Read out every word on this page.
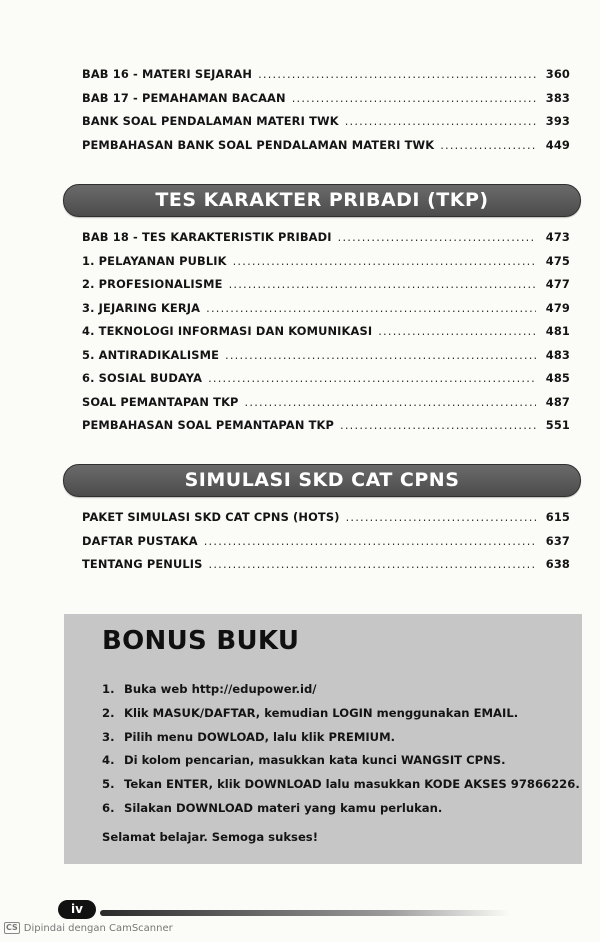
BAB 16 - MATERI SEJARAH .....	360
BAB 17 - PEMAHAMAN BACAAN .....	383
BANK SOAL PENDALAMAN MATERI TWK .....	393
PEMBAHASAN BANK SOAL PENDALAMAN MATERI TWK .....	449
TES KARAKTER PRIBADI (TKP)
BAB 18 - TES KARAKTERISTIK PRIBADI .....	473
1. PELAYANAN PUBLIK .....	475
2. PROFESIONALISME .....	477
3. JEJARING KERJA .....	479
4. TEKNOLOGI INFORMASI DAN KOMUNIKASI .....	481
5. ANTIRADIKALISME .....	483
6. SOSIAL BUDAYA .....	485
SOAL PEMANTAPAN TKP .....	487
PEMBAHASAN SOAL PEMANTAPAN TKP .....	551
SIMULASI SKD CAT CPNS
PAKET SIMULASI SKD CAT CPNS (HOTS) .....	615
DAFTAR PUSTAKA .....	637
TENTANG PENULIS .....	638
BONUS BUKU
1. Buka web http://edupower.id/
2. Klik MASUK/DAFTAR, kemudian LOGIN menggunakan EMAIL.
3. Pilih menu DOWLOAD, lalu klik PREMIUM.
4. Di kolom pencarian, masukkan kata kunci WANGSIT CPNS.
5. Tekan ENTER, klik DOWNLOAD lalu masukkan KODE AKSES 97866226.
6. Silakan DOWNLOAD materi yang kamu perlukan.
Selamat belajar. Semoga sukses!
iv
CS Dipindai dengan CamScanner
